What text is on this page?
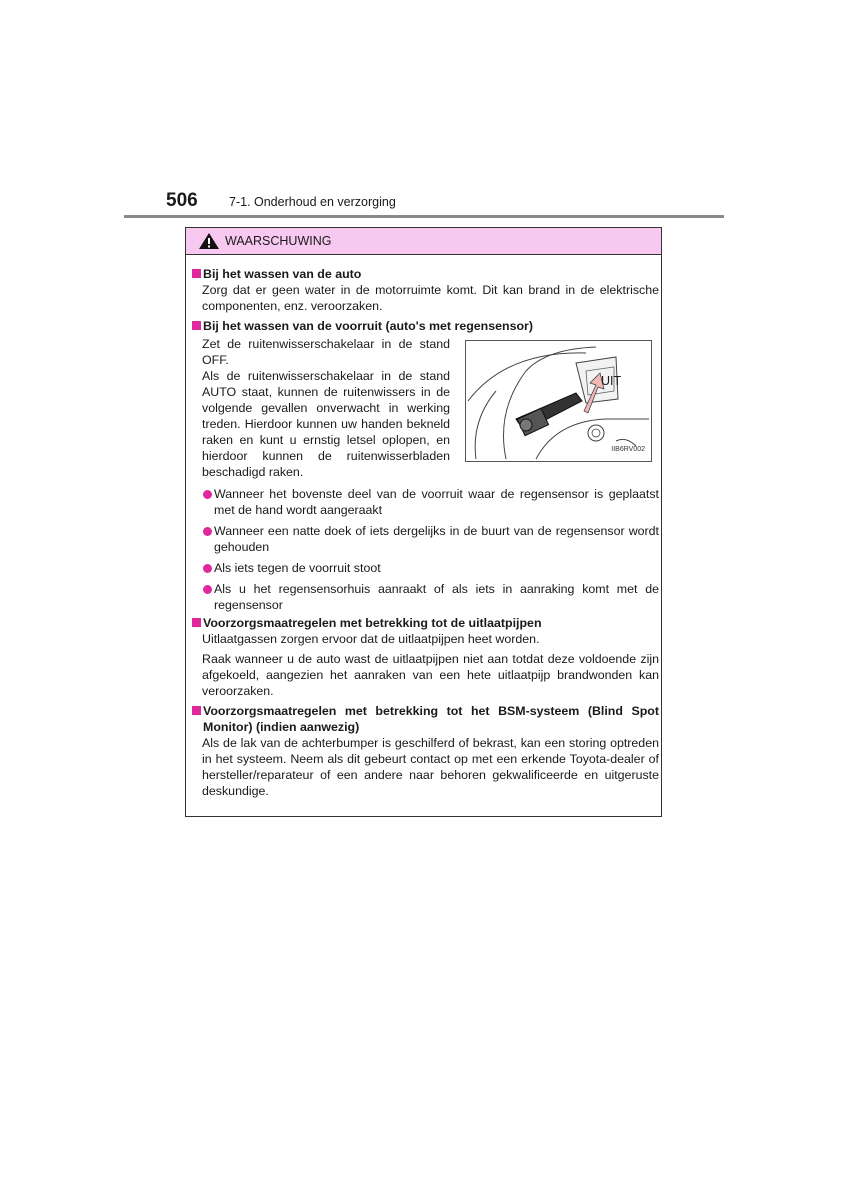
506	7-1. Onderhoud en verzorging
WAARSCHUWING
Bij het wassen van de auto
Zorg dat er geen water in de motorruimte komt. Dit kan brand in de elektrische componenten, enz. veroorzaken.
Bij het wassen van de voorruit (auto's met regensensor)
Zet de ruitenwisserschakelaar in de stand OFF.
Als de ruitenwisserschakelaar in de stand AUTO staat, kunnen de ruitenwissers in de volgende gevallen onverwacht in werking treden. Hierdoor kunnen uw handen bekneld raken en kunt u ernstig letsel oplopen, en hierdoor kunnen de ruitenwisserbladen beschadigd raken.
UIT
IIB6RV002
Wanneer het bovenste deel van de voorruit waar de regensensor is geplaatst met de hand wordt aangeraakt
Wanneer een natte doek of iets dergelijks in de buurt van de regensensor wordt gehouden
Als iets tegen de voorruit stoot
Als u het regensensorhuis aanraakt of als iets in aanraking komt met de regensensor
Voorzorgsmaatregelen met betrekking tot de uitlaatpijpen
Uitlaatgassen zorgen ervoor dat de uitlaatpijpen heet worden.
Raak wanneer u de auto wast de uitlaatpijpen niet aan totdat deze voldoende zijn afgekoeld, aangezien het aanraken van een hete uitlaatpijp brandwonden kan veroorzaken.
Voorzorgsmaatregelen met betrekking tot het BSM-systeem (Blind Spot Monitor) (indien aanwezig)
Als de lak van de achterbumper is geschilferd of bekrast, kan een storing optreden in het systeem. Neem als dit gebeurt contact op met een erkende Toyota-dealer of hersteller/reparateur of een andere naar behoren gekwalificeerde en uitgeruste deskundige.
